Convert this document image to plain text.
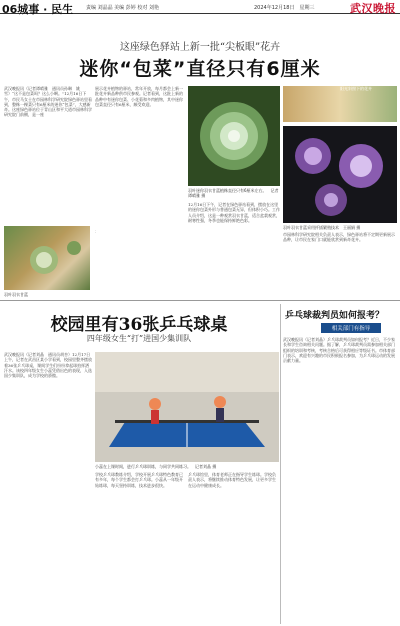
06城事 · 民生	责编 刘晶晶 美编 彭婷 校对 刘艳	2024年12月18日　星期三	武汉晚报
这座绿色驿站上新一批“尖板眼”花卉
迷你“包菜”直径只有6厘米
武汉晚报讯（记者谭晴雅　通讯员孙琳　姚雪）“这不是包菜吗？这么小啊。”12月16日下午，市民马女士在市园林科学研究院绿色驿站里看到，整株一棵菜只有6厘米的迷你“包菜”，大感新奇。这座绿色驿站位于青山区和平大道市园林科学研究院门前侧，是一座
羽叶羽衣甘蓝
展示花卉植物的驿站，常年开放，每月都会上新一批花卉新品种供市民参观。记者看到，这批上新的品种中有迷你包菜、小花菊和多肉植物，其中迷你包菜直径只有6厘米，颇受欢迎。
羽叶迷你羽衣甘蓝植株直径只有6厘米左右。　记者谭晴雅 摄
12月16日下午，记者在绿色驿站看到，摆放在这里的迷你包菜外形与普通包菜无异，但体积小巧。工作人员介绍，这是一种观赏羽衣甘蓝，适合盆栽观赏，耐寒性强，冬季也能保持鲜艳色彩。
羽叶羽衣甘蓝采用扦插繁殖技术　王丽娟 摄
阳光斜照下的花卉
市园林科学研究院相关负责人表示，绿色驿站将不定期更新展示品种，让市民在家门口就能欣赏到新奇花卉。
校园里有36张乒乓球桌
四年级女生“打”进国少集训队
武汉晚报讯（记者刘晶　通讯员胡杏）12月17日上午，记者在武昌区某小学看到，校园里整齐摆放着36张乒乓球桌，课间学生们纷纷拿起球拍挥洒汗水。该校四年级女生小蕊凭借出色的表现，入选国少集训队，成为学校的骄傲。
小蕊在上课时间，进行乒乓球训练，与同学共同练习。　记者刘晶 摄
学校乒乓球教练介绍，学校开展乒乓球特色教育已有多年，每个学生都会打乒乓球。小蕊从一年级开始练球，每天坚持训练，技术进步很快。
乒乓球馆里，体育老师正在指导学生练球。学校负责人表示，将继续推动体育特色发展，让更多学生在运动中健康成长。
乒乓球裁判员如何报考？
相关部门有指导
武汉晚报讯（记者刘晶）乒乓球裁判员如何报考？近日，不少家长和学生咨询相关问题。据了解，乒乓球裁判员需参加相关部门组织的培训和考核，考核合格后可获得相应等级证书。市体育部门表示，欢迎有兴趣的市民积极报名参加，为乒乓球运动的发展贡献力量。
